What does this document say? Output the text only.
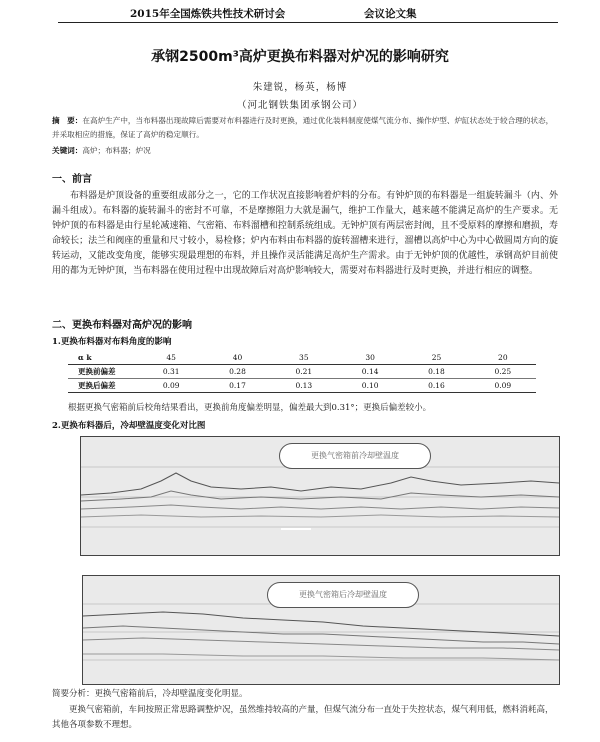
2015年全国炼铁共性技术研讨会	会议论文集
承钢2500m³高炉更换布料器对炉况的影响研究
朱建锐，杨英，杨博
（河北钢铁集团承钢公司）
摘　要：在高炉生产中，当布料器出现故障后需要对布料器进行及时更换，通过优化装料制度使煤气流分布、操作炉型、炉缸状态处于较合理的状态，并采取相应的措施，保证了高炉的稳定顺行。
关键词：高炉；布料器；炉况
一、前言
布料器是炉顶设备的重要组成部分之一，它的工作状况直接影响着炉料的分布。有钟炉顶的布料器是一组旋转漏斗（内、外漏斗组成）。布料器的旋转漏斗的密封不可靠，不是摩擦阻力大就是漏气，维护工作量大，越来越不能满足高炉的生产要求。无钟炉顶的布料器是由行星轮减速箱、气密箱、布料溜槽和控制系统组成。无钟炉顶有两层密封阀，且不受原料的摩擦和磨损，寿命较长；法兰和阀座的重量和尺寸较小，易检修；炉内布料由布料器的旋转溜槽来进行，溜槽以高炉中心为中心做圆周方向的旋转运动，又能改变角度，能够实现最理想的布料，并且操作灵活能满足高炉生产需求。由于无钟炉顶的优越性，承钢高炉目前使用的都为无钟炉顶，当布料器在使用过程中出现故障后对高炉影响较大，需要对布料器进行及时更换，并进行相应的调整。
二、更换布料器对高炉况的影响
1.更换布料器对布料角度的影响
α k	45	40	35	30	25	20
更换前偏差	0.31	0.28	0.21	0.14	0.18	0.25
更换后偏差	0.09	0.17	0.13	0.10	0.16	0.09
根据更换气密箱前后校角结果看出，更换前角度偏差明显，偏差最大到0.31°；更换后偏差较小。
2.更换布料器后，冷却壁温度变化对比图
更换气密箱前冷却壁温度
更换气密箱后冷却壁温度
简要分析：更换气密箱前后，冷却壁温度变化明显。
更换气密箱前，车间按照正常思路调整炉况，虽然维持较高的产量，但煤气流分布一直处于失控状态，煤气利用低，燃料消耗高，其他各项参数不理想。
